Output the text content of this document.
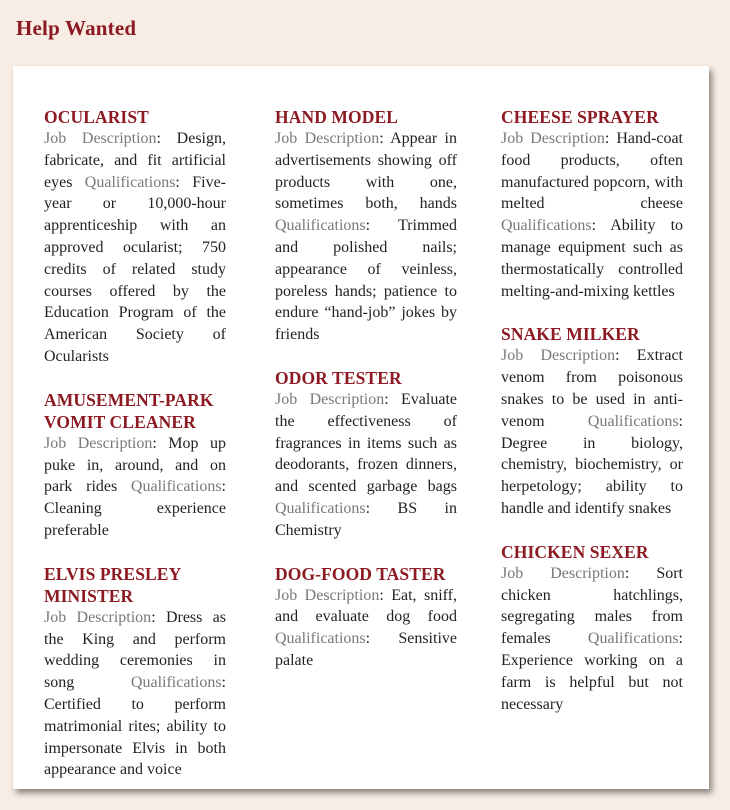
Help Wanted
OCULARIST

Job Description: Design, fabricate, and fit artificial eyes Qualifications: Five-year or 10,000-hour apprenticeship with an approved ocularist; 750 credits of related study courses offered by the Education Program of the American Society of Ocularists

AMUSEMENT-PARK VOMIT CLEANER

Job Description: Mop up puke in, around, and on park rides Qualifications: Cleaning experience preferable

ELVIS PRESLEY MINISTER

Job Description: Dress as the King and perform wedding ceremonies in song	Qualifications: Certified to perform matrimonial rites; ability to impersonate Elvis in both appearance and voice

HAND MODEL

Job Description: Appear in advertisements showing off products with one, sometimes both, hands Qualifications: Trimmed and polished nails; appearance of veinless, poreless hands; patience to endure “hand-job” jokes by friends

ODOR TESTER

Job Description: Evaluate the effectiveness of fragrances in items such as deodorants, frozen dinners, and scented garbage bags Qualifications: BS in Chemistry

DOG-FOOD TASTER

Job Description: Eat, sniff, and evaluate dog food Qualifications: Sensitive palate

CHEESE SPRAYER

Job Description: Hand-coat food products, often manufactured popcorn, with melted cheese Qualifications: Ability to manage equipment such as thermostatically controlled melting-and-mixing kettles

SNAKE MILKER

Job Description: Extract venom from poisonous snakes to be used in anti-venom	Qualifications: Degree in biology, chemistry, biochemistry, or herpetology; ability to handle and identify snakes

CHICKEN SEXER

Job Description: Sort chicken hatchlings, segregating males from females Qualifications: Experience working on a farm is helpful but not necessary
